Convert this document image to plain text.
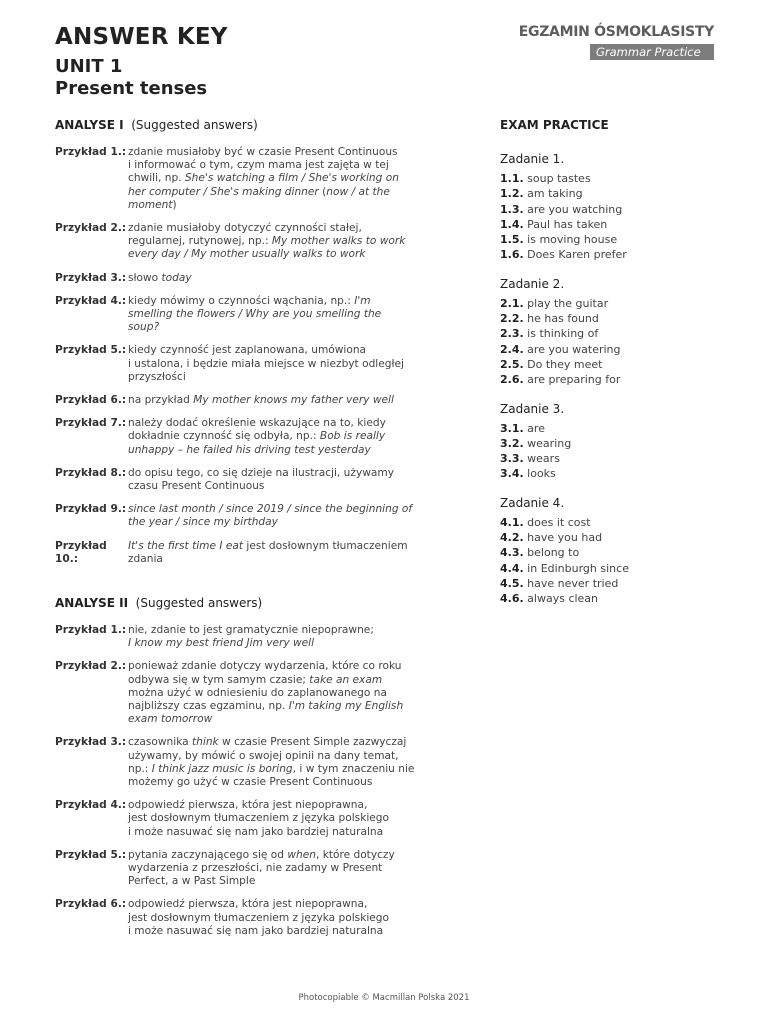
ANSWER KEY
UNIT 1
Present tenses
EGZAMIN ÓSMOKLASISTY
Grammar Practice
ANALYSE I (Suggested answers)
Przykład 1.: zdanie musiałoby być w czasie Present Continuous
i informować o tym, czym mama jest zajęta w tej chwili, np. She's watching a film / She's working on her computer / She's making dinner (now / at the moment)
Przykład 2.: zdanie musiałoby dotyczyć czynności stałej, regularnej, rutynowej, np.: My mother walks to work every day / My mother usually walks to work
Przykład 3.: słowo today
Przykład 4.: kiedy mówimy o czynności wąchania, np.: I'm smelling the flowers / Why are you smelling the soup?
Przykład 5.: kiedy czynność jest zaplanowana, umówiona
i ustalona, i będzie miała miejsce w niezbyt odległej przyszłości
Przykład 6.: na przykład My mother knows my father very well
Przykład 7.: należy dodać określenie wskazujące na to, kiedy dokładnie czynność się odbyła, np.: Bob is really unhappy – he failed his driving test yesterday
Przykład 8.: do opisu tego, co się dzieje na ilustracji, używamy czasu Present Continuous
Przykład 9.: since last month / since 2019 / since the beginning of the year / since my birthday
Przykład 10.:
It's the first time I eat jest dosłownym tłumaczeniem zdania
ANALYSE II (Suggested answers)
Przykład 1.: nie, zdanie to jest gramatycznie niepoprawne;
I know my best friend Jim very well
Przykład 2.: ponieważ zdanie dotyczy wydarzenia, które co roku odbywa się w tym samym czasie; take an exam można użyć w odniesieniu do zaplanowanego na najbliższy czas egzaminu, np. I'm taking my English exam tomorrow
Przykład 3.: czasownika think w czasie Present Simple zazwyczaj używamy, by mówić o swojej opinii na dany temat, np.: I think jazz music is boring, i w tym znaczeniu nie możemy go użyć w czasie Present Continuous
Przykład 4.: odpowiedź pierwsza, która jest niepoprawna,
jest dosłownym tłumaczeniem z języka polskiego
i może nasuwać się nam jako bardziej naturalna
Przykład 5.: pytania zaczynającego się od when, które dotyczy wydarzenia z przeszłości, nie zadamy w Present Perfect, a w Past Simple
Przykład 6.: odpowiedź pierwsza, która jest niepoprawna,
jest dosłownym tłumaczeniem z języka polskiego
i może nasuwać się nam jako bardziej naturalna
EXAM PRACTICE
Zadanie 1.
1.1. soup tastes
1.2. am taking
1.3. are you watching
1.4. Paul has taken
1.5. is moving house
1.6. Does Karen prefer
Zadanie 2.
2.1. play the guitar
2.2. he has found
2.3. is thinking of
2.4. are you watering
2.5. Do they meet
2.6. are preparing for
Zadanie 3.
3.1. are
3.2. wearing
3.3. wears
3.4. looks
Zadanie 4.
4.1. does it cost
4.2. have you had
4.3. belong to
4.4. in Edinburgh since
4.5. have never tried
4.6. always clean
Photocopiable © Macmillan Polska 2021
